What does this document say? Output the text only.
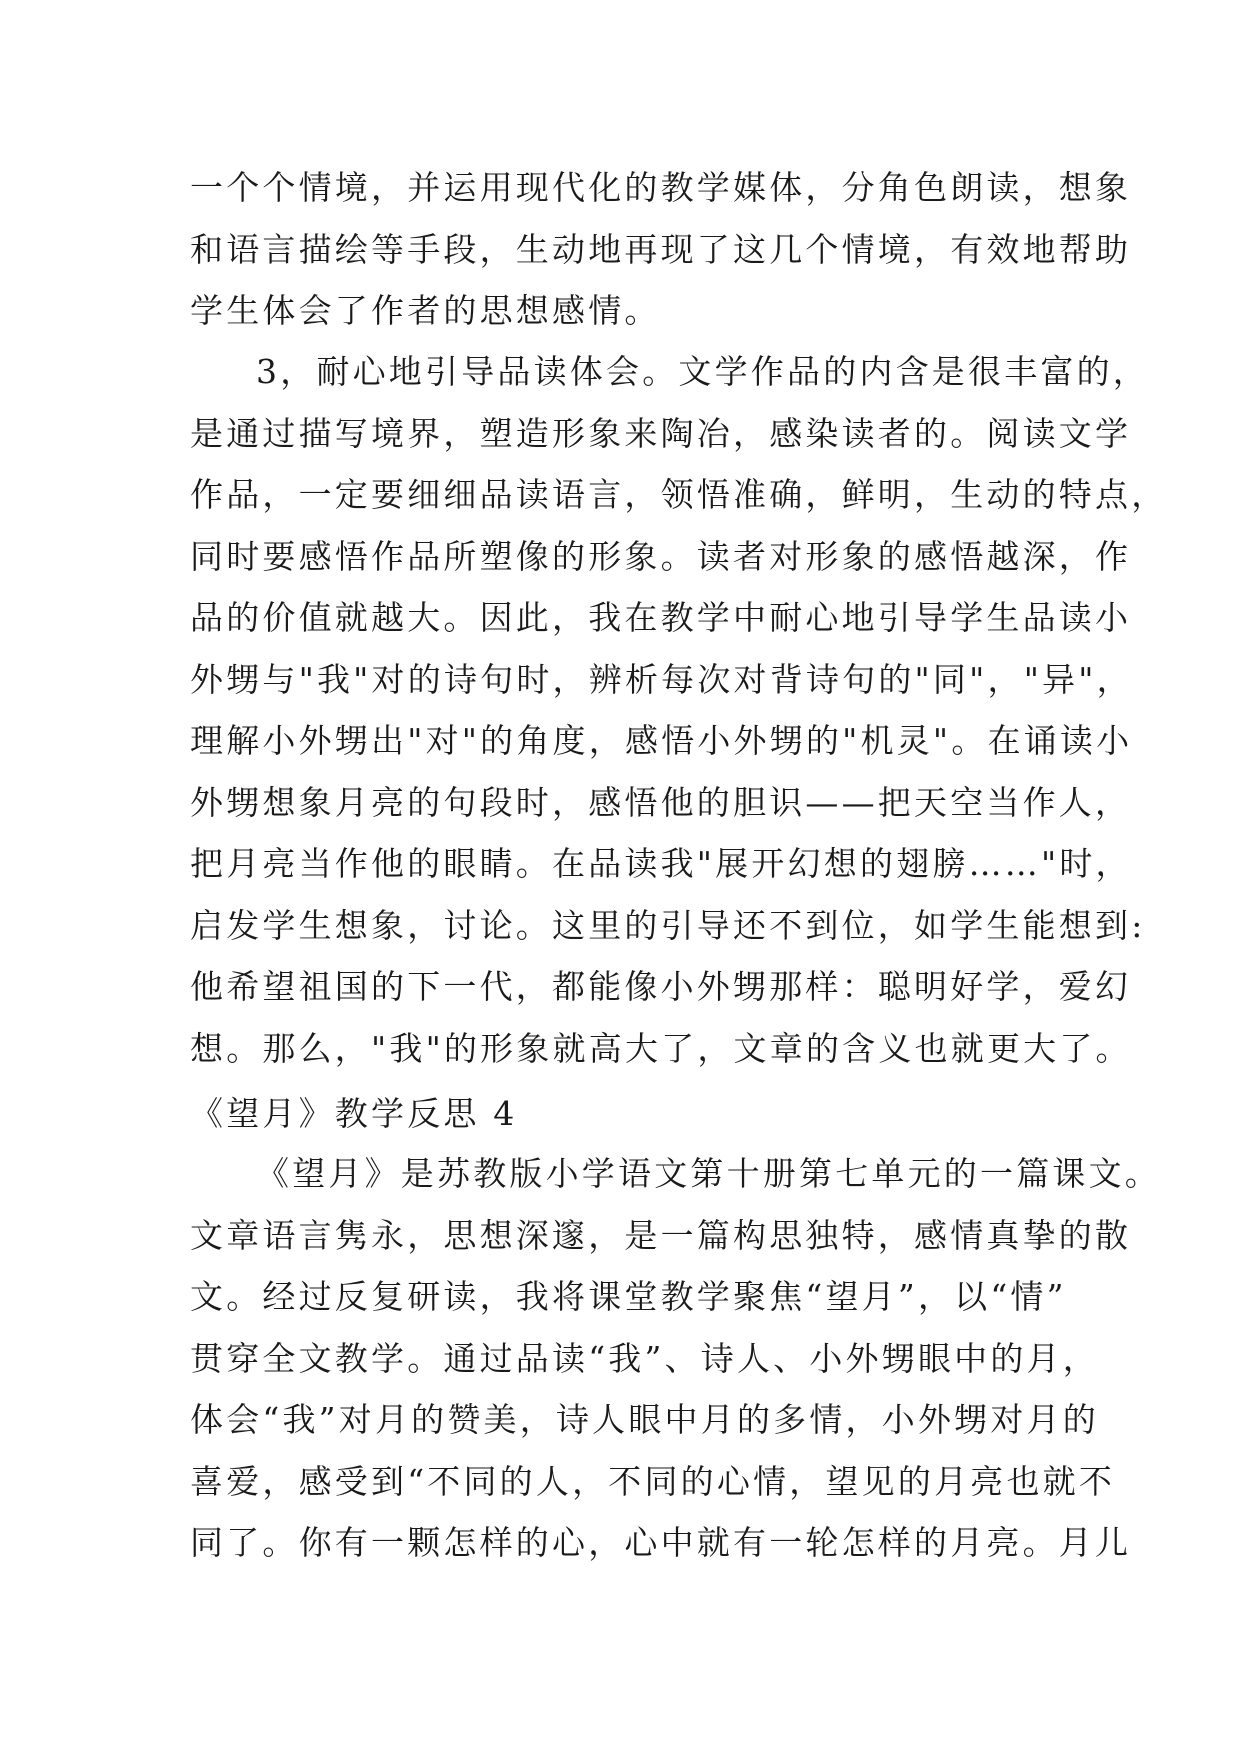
一个个情境，并运用现代化的教学媒体，分角色朗读，想象
和语言描绘等手段，生动地再现了这几个情境，有效地帮助
学生体会了作者的思想感情。
3，耐心地引导品读体会。文学作品的内含是很丰富的，
是通过描写境界，塑造形象来陶冶，感染读者的。阅读文学
作品，一定要细细品读语言，领悟准确，鲜明，生动的特点，
同时要感悟作品所塑像的形象。读者对形象的感悟越深，作
品的价值就越大。因此，我在教学中耐心地引导学生品读小
外甥与"我"对的诗句时，辨析每次对背诗句的"同"，"异"，
理解小外甥出"对"的角度，感悟小外甥的"机灵"。在诵读小
外甥想象月亮的句段时，感悟他的胆识——把天空当作人，
把月亮当作他的眼睛。在品读我"展开幻想的翅膀……"时，
启发学生想象，讨论。这里的引导还不到位，如学生能想到:
他希望祖国的下一代，都能像小外甥那样：聪明好学，爱幻
想。那么，"我"的形象就高大了，文章的含义也就更大了。
《望月》教学反思 4
《望月》是苏教版小学语文第十册第七单元的一篇课文。
文章语言隽永，思想深邃，是一篇构思独特，感情真挚的散
文。经过反复研读，我将课堂教学聚焦“望月”，以“情”
贯穿全文教学。通过品读“我”、诗人、小外甥眼中的月，
体会“我”对月的赞美，诗人眼中月的多情，小外甥对月的
喜爱，感受到“不同的人，不同的心情，望见的月亮也就不
同了。你有一颗怎样的心，心中就有一轮怎样的月亮。月儿
